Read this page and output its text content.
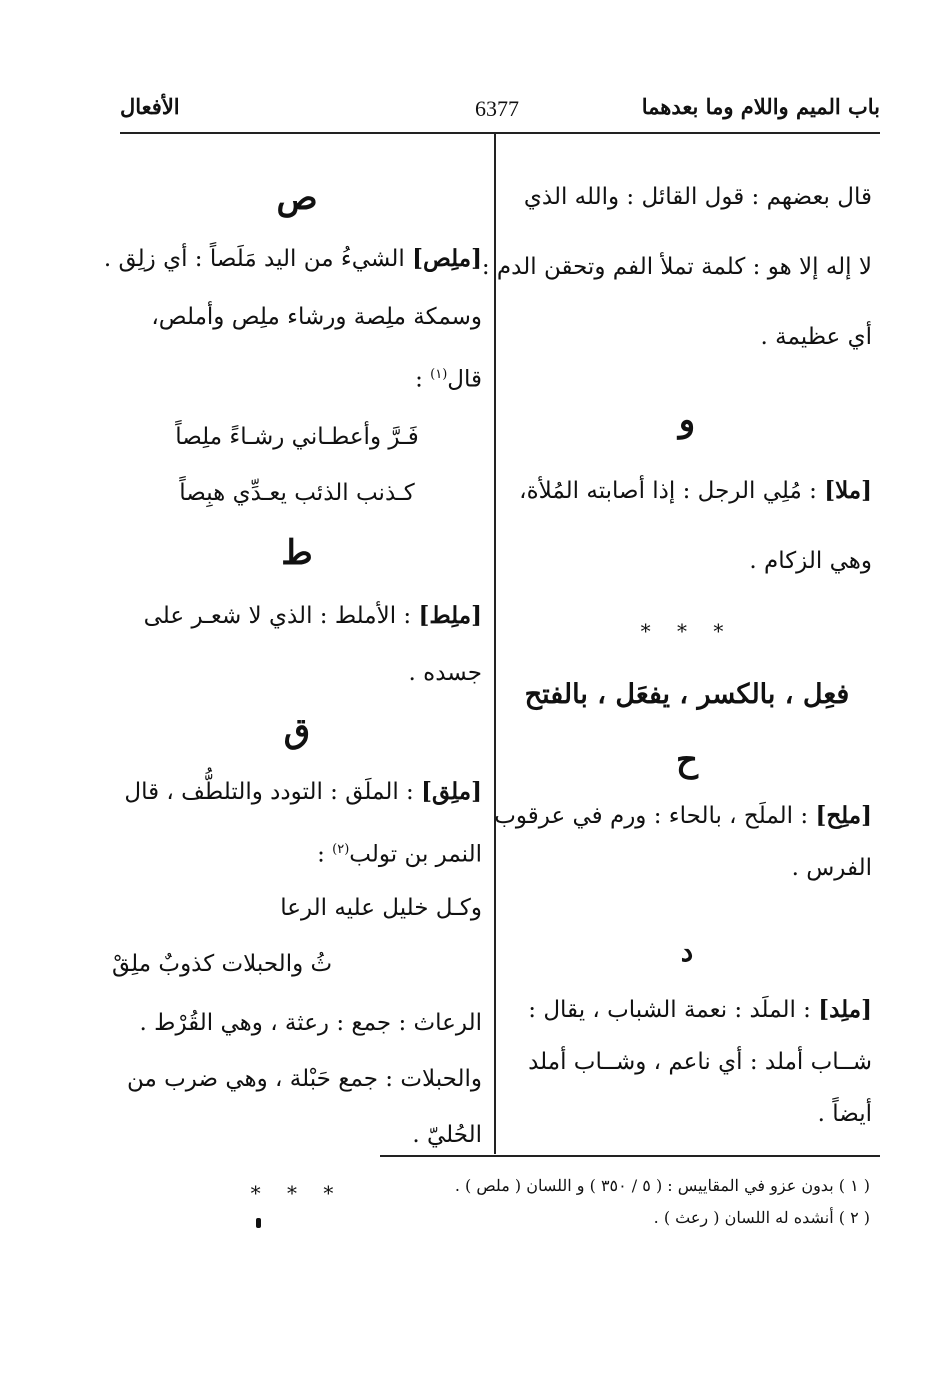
باب الميم واللام وما بعدهما
6377
الأفعال

قال بعضهم : قول القائل : والله الذي

لا إله إلا هو : كلمة تملأ الفم وتحقن الدم :

أي عظيمة .

و

[ملا] : مُلِي الرجل : إذا أصابته المُلأة،

وهي الزكام .

* * *

فعِل ، بالكسر ، يفعَل ، بالفتح

ح

[ملِح] : الملَح ، بالحاء : ورم في عرقوب

الفرس .

د

[ملِد] : الملَد : نعمة الشباب ، يقال :

شــاب أملد : أي ناعم ، وشــاب أملد

أيضاً .

ص

[ملِص] الشيءُ من اليد مَلَصاً : أي زلِق .

وسمكة ملِصة ورشاء ملِص وأملص،

قال$^{(١)}$ :

فَـرَّ وأعطـاني رشـاءً ملِصاً

كـذنب الذئب يعـدِّي هبِصاً

ط

[ملِط] : الأملط : الذي لا شعـر على

جسده .

ق

[ملِق] : الملَق : التودد والتلطُّف ، قال

النمر بن تولب$^{(٢)}$ :

وكـل خليل عليه الرعا

ثُ والحبلات كذوبٌ ملِقْ

الرعاث : جمع : رعثة ، وهي القُرْط .

والحبلات : جمع حَبْلة ، وهي ضرب من

الحُليّ .

* * *	( ١ ) بدون عزو في المقاييس : ( ٥ / ٣٥٠ ) و اللسان ( ملص ) .
( ٢ ) أنشده له اللسان ( رعث ) .
